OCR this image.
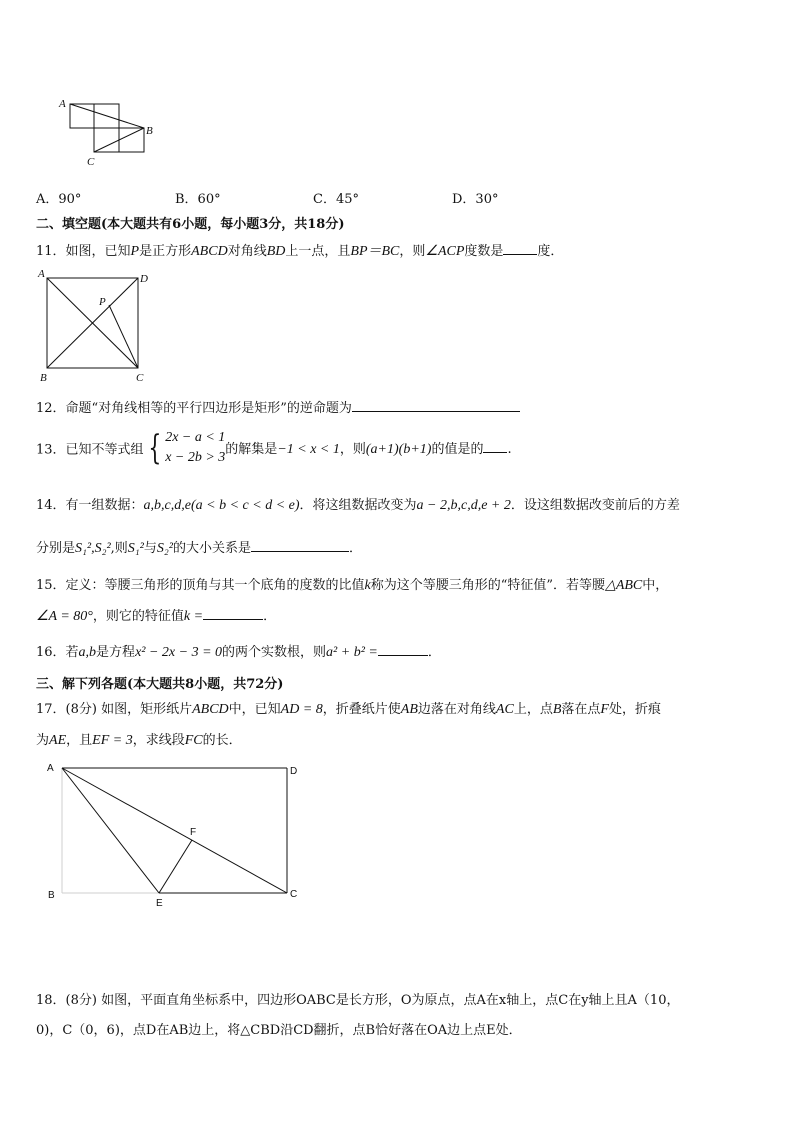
A
B
C
A．90°	B．60°	C．45°	D．30°
二、填空题(本大题共有6小题，每小题3分，共18分)
11．如图，已知P是正方形ABCD对角线BD上一点，且BP＝BC，则∠ACP度数是	度．
A	D
P
B	C
12．命题“对角线相等的平行四边形是矩形”的逆命题为
13．已知不等式组 { 2x − a < 1
x − 2b > 3的解集是−1 < x < 1，则(a+1)(b+1)的值是的 .
14．有一组数据：a,b,c,d,e(a < b < c < d < e)．将这组数据改变为a − 2,b,c,d,e + 2．设这组数据改变前后的方差
分别是S₁²,S₂²,则S₁²与S₂²的大小关系是	．
15．定义：等腰三角形的顶角与其一个底角的度数的比值k称为这个等腰三角形的“特征值”．若等腰△ABC中，
∠A = 80°，则它的特征值k =	．
16．若a,b是方程x² − 2x − 3 = 0的两个实数根，则a² + b² =	．
三、解下列各题(本大题共8小题，共72分)
17．(8分) 如图，矩形纸片ABCD中，已知AD = 8，折叠纸片使AB边落在对角线AC上，点B落在点F处，折痕
为AE，且EF = 3，求线段FC的长．
A	D
F
B
E
C
18．(8分) 如图，平面直角坐标系中，四边形OABC是长方形，O为原点，点A在x轴上，点C在y轴上且A（10，
0)，C（0，6)，点D在AB边上，将△CBD沿CD翻折，点B恰好落在OA边上点E处．
